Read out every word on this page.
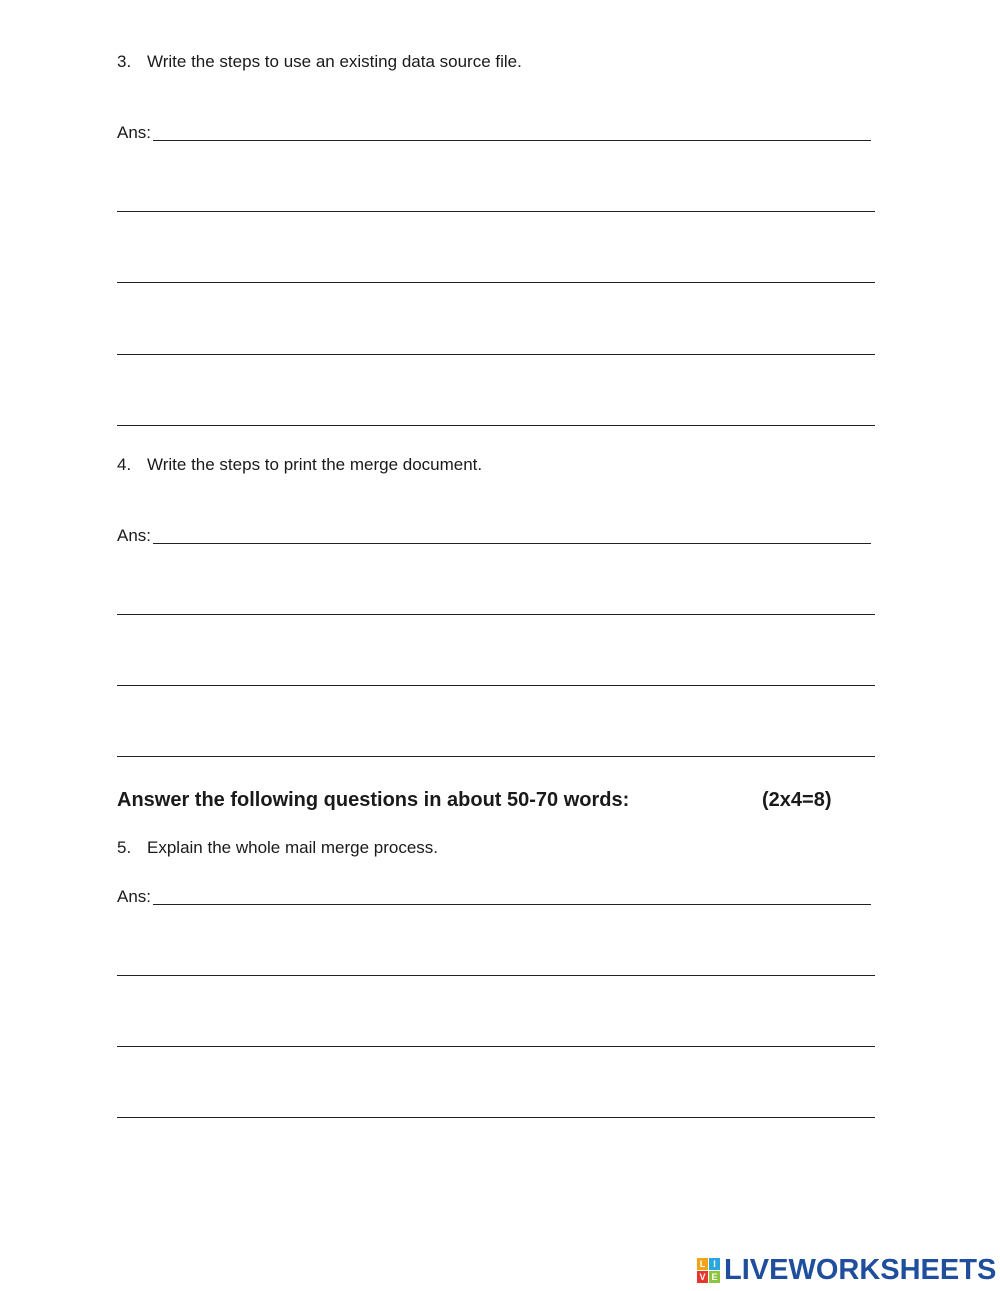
3. Write the steps to use an existing data source file.
Ans:
4. Write the steps to print the merge document.
Ans:
Answer the following questions in about 50-70 words:	(2x4=8)
5. Explain the whole mail merge process.
Ans:
L I
V E LIVEWORKSHEETS
